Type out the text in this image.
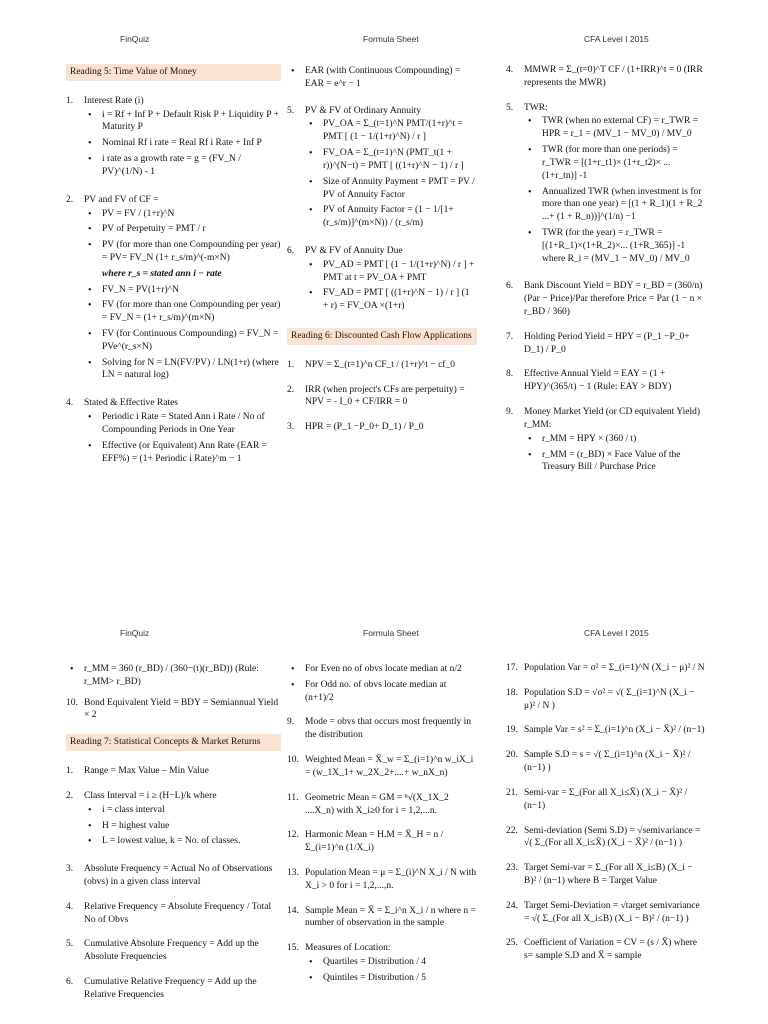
FinQuiz	Formula Sheet	CFA Level I 2015
Reading 5: Time Value of Money
1.	Interest Rate (i)
• i = Rf + Inf P + Default Risk P + Liquidity P + Maturity P
• Nominal Rf i rate = Real Rf i Rate + Inf P
• i rate as a growth rate = g = (FV_N / PV)^(1/N) - 1
2.	PV and FV of CF =
• PV = FV / (1+r)^N
• PV of Perpetuity = PMT / r
• PV (for more than one Compounding per year) = PV= FV_N (1+ r_s/m)^(-m×N)
where r_s = stated ann i − rate
• FV_N = PV(1+r)^N
• FV (for more than one Compounding per year) = FV_N = (1+ r_s/m)^(m×N)
• FV (for Continuous Compounding) = FV_N = PVe^(r_s×N)
• Solving for N = LN(FV/PV) / LN(1+r) (where LN = natural log)
4.	Stated & Effective Rates
• Periodic i Rate = Stated Ann i Rate / No of Compounding Periods in One Year
• Effective (or Equivalent) Ann Rate (EAR = EFF%) = (1+ Periodic i Rate)^m − 1
• EAR (with Continuous Compounding) = EAR = e^r − 1
5.	PV & FV of Ordinary Annuity
• PV_OA = Σ_(t=1)^N PMT/(1+r)^t = PMT [ (1 − 1/(1+r)^N) / r ]
• FV_OA = Σ_(t=1)^N (PMT_t(1 + r))^(N−t) = PMT [ ((1+r)^N − 1) / r ]
• Size of Annuity Payment = PMT = PV / PV of Annuity Factor
• PV of Annuity Factor = (1 − 1/[1+(r_s/m)]^(m×N)) / (r_s/m)
6.	PV & FV of Annuity Due
• PV_AD = PMT [ (1 − 1/(1+r)^N) / r ] + PMT at t = PV_OA + PMT
• FV_AD = PMT [ ((1+r)^N − 1) / r ] (1 + r) = FV_OA ×(1+r)
Reading 6: Discounted Cash Flow Applications
1.	NPV = Σ_(t=1)^n CF_t / (1+r)^t − cf_0
2.	IRR (when project's CFs are perpetuity) = NPV = - I_0 + CF/IRR = 0
3.	HPR = (P_1 −P_0+ D_1) / P_0
4.	MMWR = Σ_(t=0)^T CF / (1+IRR)^t = 0 (IRR represents the MWR)
5.	TWR:
• TWR (when no external CF) = r_TWR = HPR = r_1 = (MV_1 − MV_0) / MV_0
• TWR (for more than one periods) = r_TWR = [(1+r_t1)× (1+r_t2)× ... (1+r_tn)] -1
• Annualized TWR (when investment is for more than one year) = [(1 + R_1)(1 + R_2 ...+ (1 + R_n))]^(1/n) −1
• TWR (for the year) = r_TWR = [(1+R_1)×(1+R_2)×... (1+R_365)] -1 where R_i = (MV_1 − MV_0) / MV_0
6.	Bank Discount Yield = BDY = r_BD = (360/n)(Par − Price)/Par therefore Price = Par (1 − n × r_BD / 360)
7.	Holding Period Yield = HPY = (P_1 −P_0+ D_1) / P_0
8.	Effective Annual Yield = EAY = (1 + HPY)^(365/t) − 1 (Rule: EAY > BDY)
9.	Money Market Yield (or CD equivalent Yield) r_MM:
• r_MM = HPY × (360 / t)
• r_MM = (r_BD) × Face Value of the Treasury Bill / Purchase Price
FinQuiz	Formula Sheet	CFA Level I 2015
• r_MM = 360 (r_BD) / (360−(t)(r_BD)) (Rule: r_MM> r_BD)
10. Bond Equivalent Yield = BDY = Semiannual Yield × 2
Reading 7: Statistical Concepts & Market Returns
1.	Range = Max Value – Min Value
2.	Class Interval = i ≥ (H−L)/k where
• i = class interval
• H = highest value
• L = lowest value, k = No. of classes.
3.	Absolute Frequency = Actual No of Observations (obvs) in a given class interval
4.	Relative Frequency = Absolute Frequency / Total No of Obvs
5.	Cumulative Absolute Frequency = Add up the Absolute Frequencies
6.	Cumulative Relative Frequency = Add up the Relative Frequencies
• For Even no of obvs locate median at n/2
• For Odd no. of obvs locate median at (n+1)/2
9.	Mode = obvs that occurs most frequently in the distribution
10. Weighted Mean = X̄_w = Σ_(i=1)^n w_iX_i = (w_1X_1+ w_2X_2+....+ w_nX_n)
11. Geometric Mean = GM = ⁿ√(X_1X_2 ....X_n) with X_i≥0 for i = 1,2,...n.
12. Harmonic Mean = H.M = X̄_H = n / Σ_(i=1)^n (1/X_i)
13. Population Mean = μ = Σ_(i)^N X_i / N with X_i > 0 for i = 1,2,...,n.
14. Sample Mean = X̄ = Σ_i^n X_i / n where n = number of observation in the sample
15. Measures of Location:
• Quartiles = Distribution / 4
• Quintiles = Distribution / 5
17. Population Var = σ² = Σ_(i=1)^N (X_i − μ)² / N
18. Population S.D = √σ² = √( Σ_(i=1)^N (X_i − μ)² / N )
19. Sample Var = s² = Σ_(i=1)^n (X_i − X̄)² / (n−1)
20. Sample S.D = s = √( Σ_(i=1)^n (X_i − X̄)² / (n−1) )
21. Semi-var = Σ_(For all X_i≤X̄) (X_i − X̄)² / (n−1)
22. Semi-deviation (Semi S.D) = √semivariance = √( Σ_(For all X_i≤X̄) (X_i − X̄)² / (n−1) )
23. Target Semi-var = Σ_(For all X_i≤B) (X_i − B)² / (n−1) where B = Target Value
24. Target Semi-Deviation = √target semivariance = √( Σ_(For all X_i≤B) (X_i − B)² / (n−1) )
25. Coefficient of Variation = CV = (s / X̄) where s= sample S.D and X̄ = sample
